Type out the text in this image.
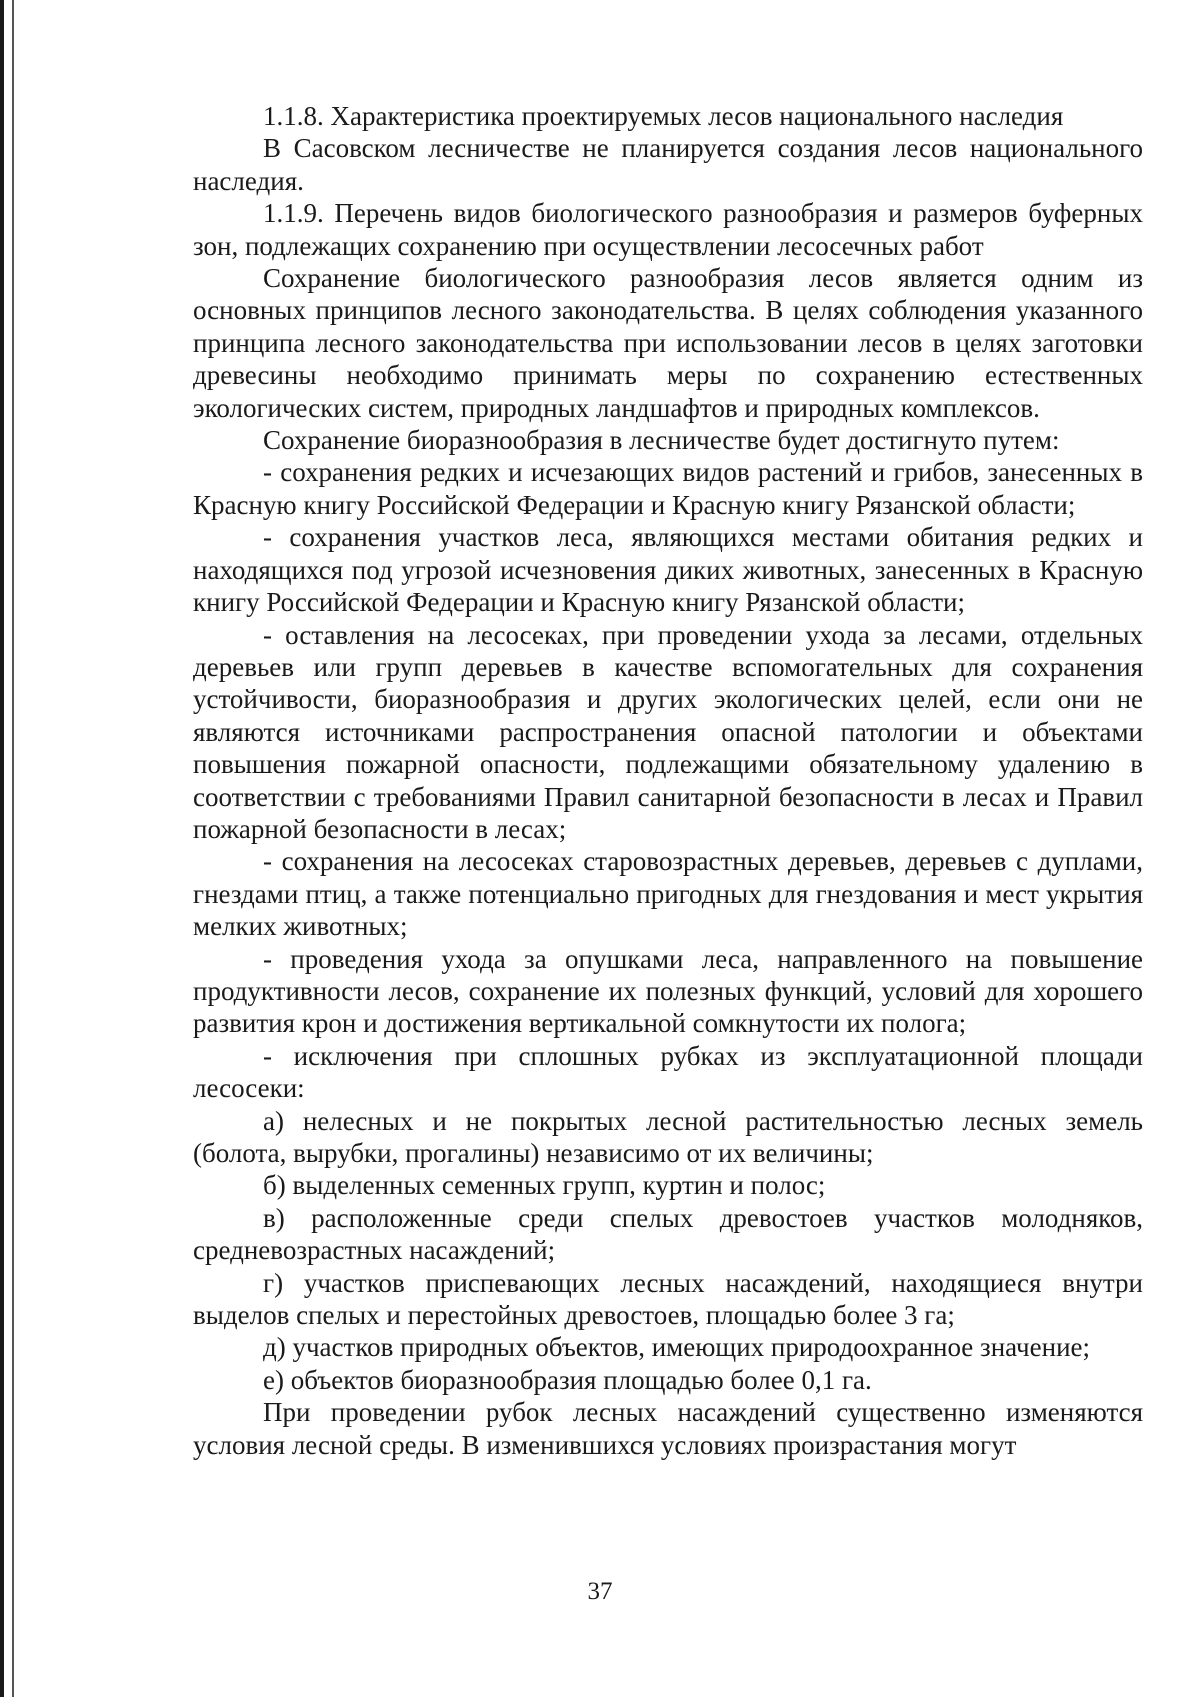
1.1.8. Характеристика проектируемых лесов национального наследия

В Сасовском лесничестве не планируется создания лесов национального наследия.

1.1.9. Перечень видов биологического разнообразия и размеров буферных зон, подлежащих сохранению при осуществлении лесосечных работ

Сохранение биологического разнообразия лесов является одним из основных принципов лесного законодательства. В целях соблюдения указанного принципа лесного законодательства при использовании лесов в целях заготовки древесины необходимо принимать меры по сохранению естественных экологических систем, природных ландшафтов и природных комплексов.

Сохранение биоразнообразия в лесничестве будет достигнуто путем:

- сохранения редких и исчезающих видов растений и грибов, занесенных в Красную книгу Российской Федерации и Красную книгу Рязанской области;

- сохранения участков леса, являющихся местами обитания редких и находящихся под угрозой исчезновения диких животных, занесенных в Красную книгу Российской Федерации и Красную книгу Рязанской области;

- оставления на лесосеках, при проведении ухода за лесами, отдельных деревьев или групп деревьев в качестве вспомогательных для сохранения устойчивости, биоразнообразия и других экологических целей, если они не являются источниками распространения опасной патологии и объектами повышения пожарной опасности, подлежащими обязательному удалению в соответствии с требованиями Правил санитарной безопасности в лесах и Правил пожарной безопасности в лесах;

- сохранения на лесосеках старовозрастных деревьев, деревьев с дуплами, гнездами птиц, а также потенциально пригодных для гнездования и мест укрытия мелких животных;

- проведения ухода за опушками леса, направленного на повышение продуктивности лесов, сохранение их полезных функций, условий для хорошего развития крон и достижения вертикальной сомкнутости их полога;

- исключения при сплошных рубках из эксплуатационной площади лесосеки:

а) нелесных и не покрытых лесной растительностью лесных земель (болота, вырубки, прогалины) независимо от их величины;

б) выделенных семенных групп, куртин и полос;

в) расположенные среди спелых древостоев участков молодняков, средневозрастных насаждений;

г) участков приспевающих лесных насаждений, находящиеся внутри выделов спелых и перестойных древостоев, площадью более 3 га;

д) участков природных объектов, имеющих природоохранное значение;

е) объектов биоразнообразия площадью более 0,1 га.

При проведении рубок лесных насаждений существенно изменяются условия лесной среды. В изменившихся условиях произрастания могут

37
